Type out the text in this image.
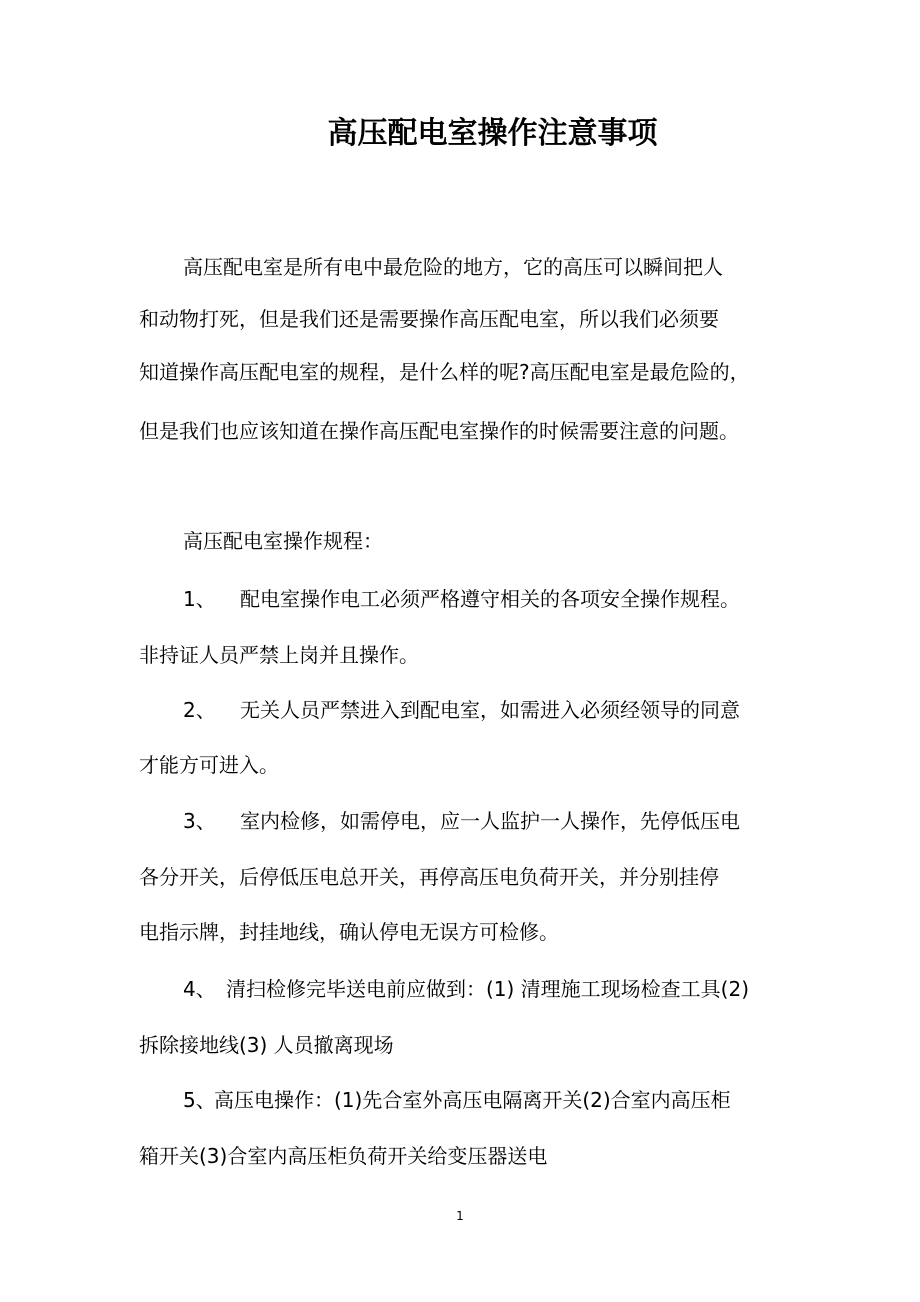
高压配电室操作注意事项
高压配电室是所有电中最危险的地方，它的高压可以瞬间把人
和动物打死，但是我们还是需要操作高压配电室，所以我们必须要
知道操作高压配电室的规程，是什么样的呢?高压配电室是最危险的，
但是我们也应该知道在操作高压配电室操作的时候需要注意的问题。
高压配电室操作规程：
1、 配电室操作电工必须严格遵守相关的各项安全操作规程。
非持证人员严禁上岗并且操作。
2、 无关人员严禁进入到配电室，如需进入必须经领导的同意
才能方可进入。
3、 室内检修，如需停电，应一人监护一人操作，先停低压电
各分开关，后停低压电总开关，再停高压电负荷开关，并分别挂停
电指示牌，封挂地线，确认停电无误方可检修。
4、 清扫检修完毕送电前应做到：(1) 清理施工现场检查工具(2)
拆除接地线(3) 人员撤离现场
5、
高压电操作：(1)先合室外高压电隔离开关(2)合室内高压柜
箱开关(3)合室内高压柜负荷开关给变压器送电
1
